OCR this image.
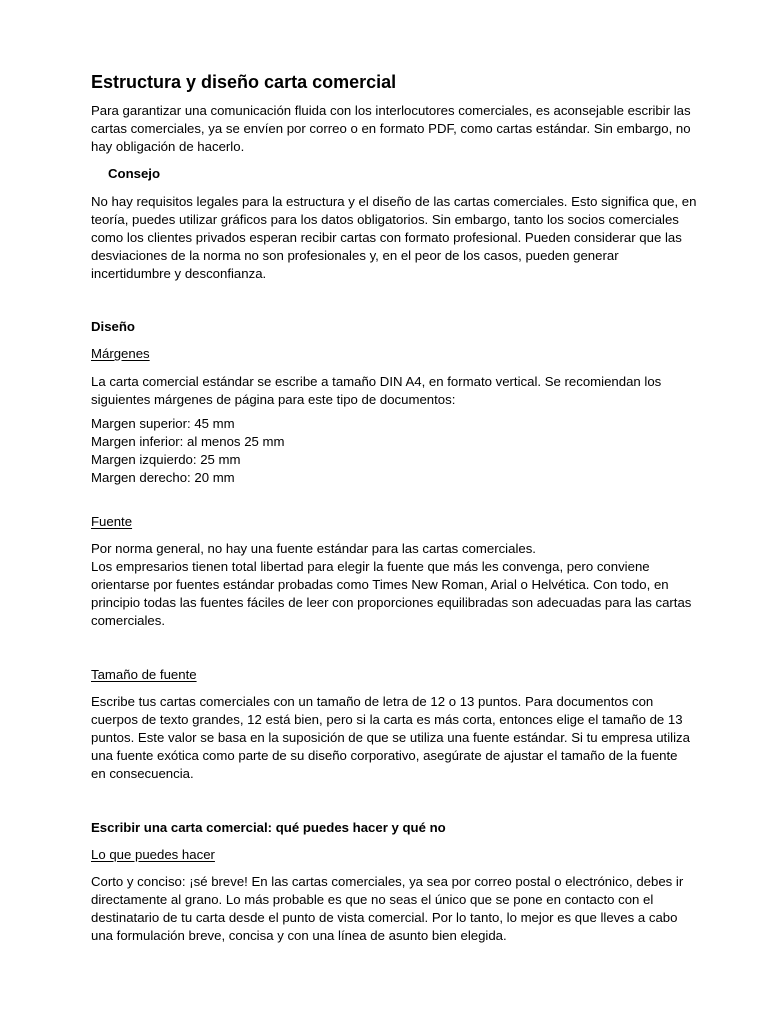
Estructura y diseño carta comercial

Para garantizar una comunicación fluida con los interlocutores comerciales, es aconsejable escribir las
cartas comerciales, ya se envíen por correo o en formato PDF, como cartas estándar. Sin embargo, no
hay obligación de hacerlo.

Consejo

No hay requisitos legales para la estructura y el diseño de las cartas comerciales. Esto significa que, en
teoría, puedes utilizar gráficos para los datos obligatorios. Sin embargo, tanto los socios comerciales
como los clientes privados esperan recibir cartas con formato profesional. Pueden considerar que las
desviaciones de la norma no son profesionales y, en el peor de los casos, pueden generar
incertidumbre y desconfianza.

Diseño

Márgenes

La carta comercial estándar se escribe a tamaño DIN A4, en formato vertical. Se recomiendan los
siguientes márgenes de página para este tipo de documentos:

Margen superior: 45 mm
Margen inferior: al menos 25 mm
Margen izquierdo: 25 mm
Margen derecho: 20 mm

Fuente

Por norma general, no hay una fuente estándar para las cartas comerciales.
Los empresarios tienen total libertad para elegir la fuente que más les convenga, pero conviene
orientarse por fuentes estándar probadas como Times New Roman, Arial o Helvética. Con todo, en
principio todas las fuentes fáciles de leer con proporciones equilibradas son adecuadas para las cartas
comerciales.

Tamaño de fuente

Escribe tus cartas comerciales con un tamaño de letra de 12 o 13 puntos. Para documentos con
cuerpos de texto grandes, 12 está bien, pero si la carta es más corta, entonces elige el tamaño de 13
puntos. Este valor se basa en la suposición de que se utiliza una fuente estándar. Si tu empresa utiliza
una fuente exótica como parte de su diseño corporativo, asegúrate de ajustar el tamaño de la fuente
en consecuencia.

Escribir una carta comercial: qué puedes hacer y qué no

Lo que puedes hacer

Corto y conciso: ¡sé breve! En las cartas comerciales, ya sea por correo postal o electrónico, debes ir
directamente al grano. Lo más probable es que no seas el único que se pone en contacto con el
destinatario de tu carta desde el punto de vista comercial. Por lo tanto, lo mejor es que lleves a cabo
una formulación breve, concisa y con una línea de asunto bien elegida.
